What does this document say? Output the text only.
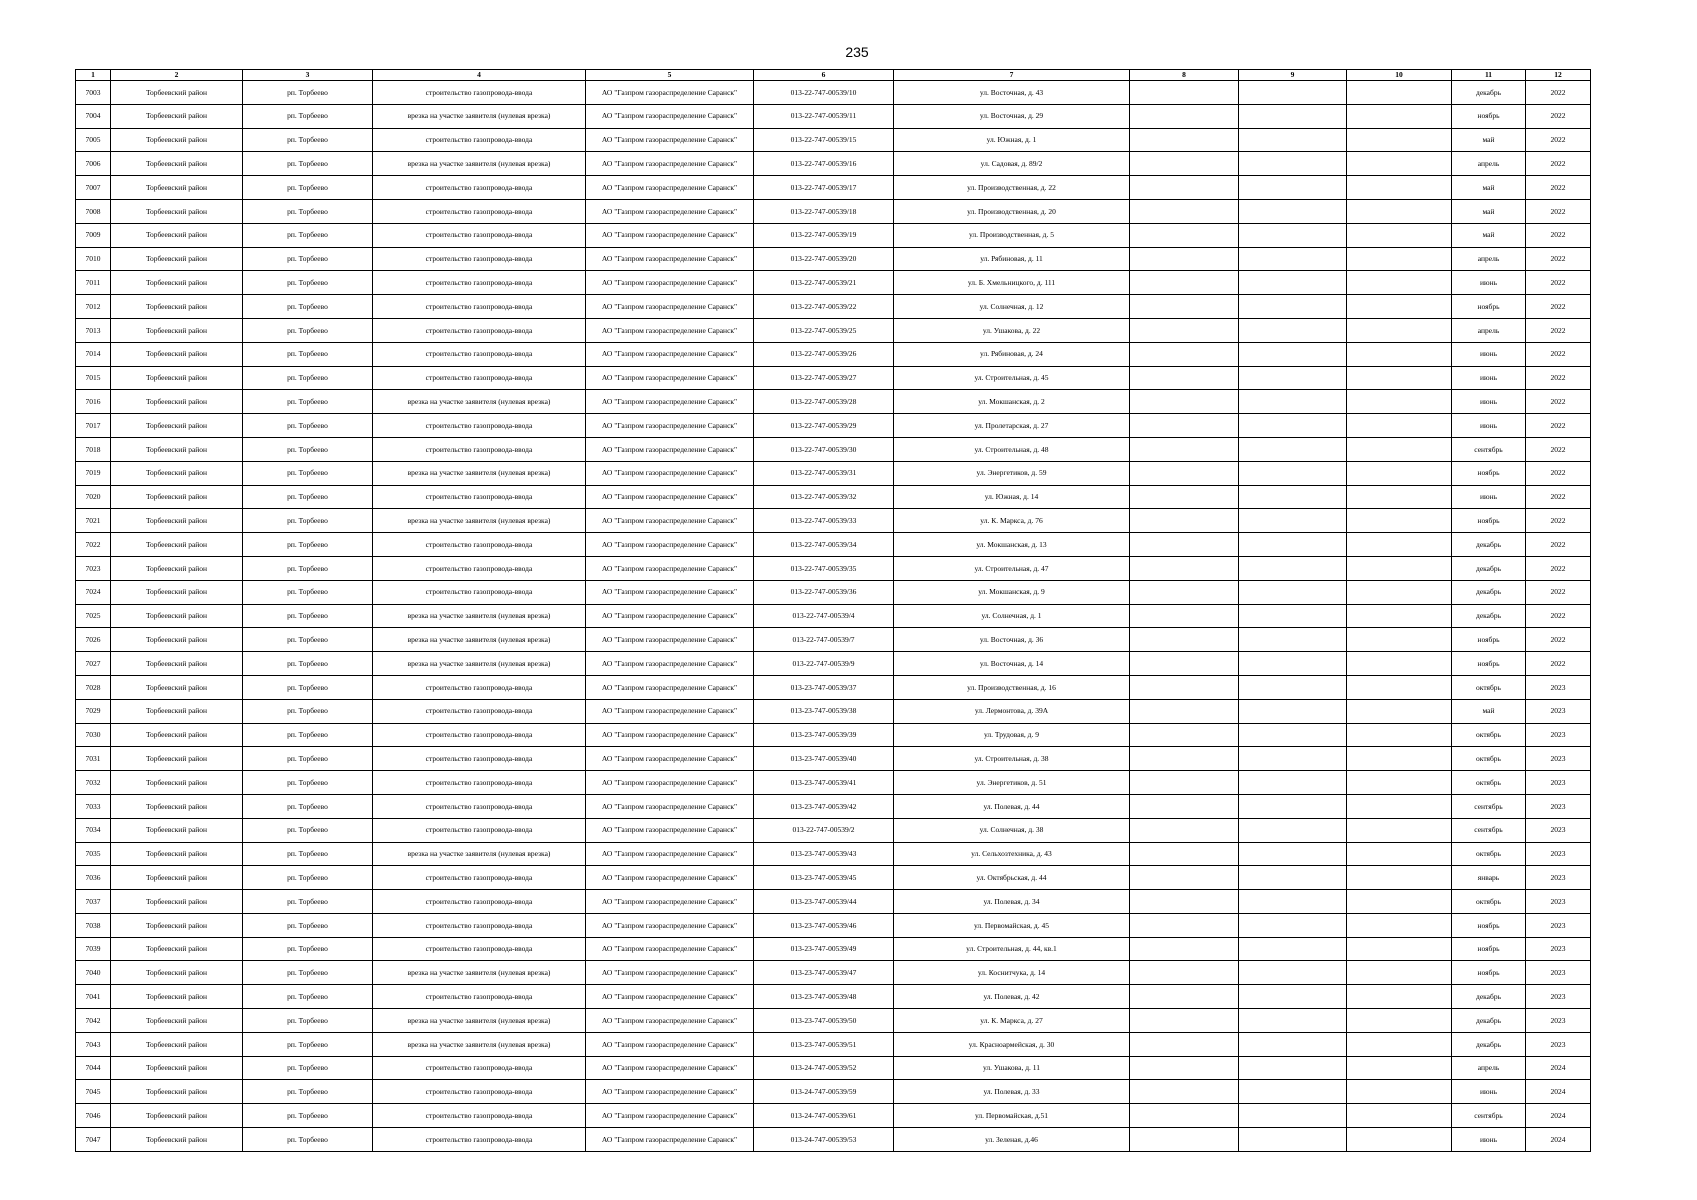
235
1	2	3	4	5	6	7	8	9	10	11	12
7003	Торбеевский район	рп. Торбеево	строительство газопровода-ввода	АО "Газпром газораспределение Саранск"	013-22-747-00539/10	ул. Восточная, д. 43				декабрь	2022
7004	Торбеевский район	рп. Торбеево	врезка на участке заявителя (нулевая врезка)	АО "Газпром газораспределение Саранск"	013-22-747-00539/11	ул. Восточная, д. 29				ноябрь	2022
7005	Торбеевский район	рп. Торбеево	строительство газопровода-ввода	АО "Газпром газораспределение Саранск"	013-22-747-00539/15	ул. Южная, д. 1				май	2022
7006	Торбеевский район	рп. Торбеево	врезка на участке заявителя (нулевая врезка)	АО "Газпром газораспределение Саранск"	013-22-747-00539/16	ул. Садовая, д. 89/2				апрель	2022
7007	Торбеевский район	рп. Торбеево	строительство газопровода-ввода	АО "Газпром газораспределение Саранск"	013-22-747-00539/17	ул. Производственная, д. 22				май	2022
7008	Торбеевский район	рп. Торбеево	строительство газопровода-ввода	АО "Газпром газораспределение Саранск"	013-22-747-00539/18	ул. Производственная, д. 20				май	2022
7009	Торбеевский район	рп. Торбеево	строительство газопровода-ввода	АО "Газпром газораспределение Саранск"	013-22-747-00539/19	ул. Производственная, д. 5				май	2022
7010	Торбеевский район	рп. Торбеево	строительство газопровода-ввода	АО "Газпром газораспределение Саранск"	013-22-747-00539/20	ул. Рябиновая, д. 11				апрель	2022
7011	Торбеевский район	рп. Торбеево	строительство газопровода-ввода	АО "Газпром газораспределение Саранск"	013-22-747-00539/21	ул. Б. Хмельницкого, д. 111				июнь	2022
7012	Торбеевский район	рп. Торбеево	строительство газопровода-ввода	АО "Газпром газораспределение Саранск"	013-22-747-00539/22	ул. Солнечная, д. 12				ноябрь	2022
7013	Торбеевский район	рп. Торбеево	строительство газопровода-ввода	АО "Газпром газораспределение Саранск"	013-22-747-00539/25	ул. Ушакова, д. 22				апрель	2022
7014	Торбеевский район	рп. Торбеево	строительство газопровода-ввода	АО "Газпром газораспределение Саранск"	013-22-747-00539/26	ул. Рябиновая, д. 24				июнь	2022
7015	Торбеевский район	рп. Торбеево	строительство газопровода-ввода	АО "Газпром газораспределение Саранск"	013-22-747-00539/27	ул. Строительная, д. 45				июнь	2022
7016	Торбеевский район	рп. Торбеево	врезка на участке заявителя (нулевая врезка)	АО "Газпром газораспределение Саранск"	013-22-747-00539/28	ул. Мокшанская, д. 2				июнь	2022
7017	Торбеевский район	рп. Торбеево	строительство газопровода-ввода	АО "Газпром газораспределение Саранск"	013-22-747-00539/29	ул. Пролетарская, д. 27				июнь	2022
7018	Торбеевский район	рп. Торбеево	строительство газопровода-ввода	АО "Газпром газораспределение Саранск"	013-22-747-00539/30	ул. Строительная, д. 48				сентябрь	2022
7019	Торбеевский район	рп. Торбеево	врезка на участке заявителя (нулевая врезка)	АО "Газпром газораспределение Саранск"	013-22-747-00539/31	ул. Энергетиков, д. 59				ноябрь	2022
7020	Торбеевский район	рп. Торбеево	строительство газопровода-ввода	АО "Газпром газораспределение Саранск"	013-22-747-00539/32	ул. Южная, д. 14				июнь	2022
7021	Торбеевский район	рп. Торбеево	врезка на участке заявителя (нулевая врезка)	АО "Газпром газораспределение Саранск"	013-22-747-00539/33	ул. К. Маркса, д. 76				ноябрь	2022
7022	Торбеевский район	рп. Торбеево	строительство газопровода-ввода	АО "Газпром газораспределение Саранск"	013-22-747-00539/34	ул. Мокшанская, д. 13				декабрь	2022
7023	Торбеевский район	рп. Торбеево	строительство газопровода-ввода	АО "Газпром газораспределение Саранск"	013-22-747-00539/35	ул. Строительная, д. 47				декабрь	2022
7024	Торбеевский район	рп. Торбеево	строительство газопровода-ввода	АО "Газпром газораспределение Саранск"	013-22-747-00539/36	ул. Мокшанская, д. 9				декабрь	2022
7025	Торбеевский район	рп. Торбеево	врезка на участке заявителя (нулевая врезка)	АО "Газпром газораспределение Саранск"	013-22-747-00539/4	ул. Солнечная, д. 1				декабрь	2022
7026	Торбеевский район	рп. Торбеево	врезка на участке заявителя (нулевая врезка)	АО "Газпром газораспределение Саранск"	013-22-747-00539/7	ул. Восточная, д. 36				ноябрь	2022
7027	Торбеевский район	рп. Торбеево	врезка на участке заявителя (нулевая врезка)	АО "Газпром газораспределение Саранск"	013-22-747-00539/9	ул. Восточная, д. 14				ноябрь	2022
7028	Торбеевский район	рп. Торбеево	строительство газопровода-ввода	АО "Газпром газораспределение Саранск"	013-23-747-00539/37	ул. Производственная, д. 16				октябрь	2023
7029	Торбеевский район	рп. Торбеево	строительство газопровода-ввода	АО "Газпром газораспределение Саранск"	013-23-747-00539/38	ул. Лермонтова, д. 39А				май	2023
7030	Торбеевский район	рп. Торбеево	строительство газопровода-ввода	АО "Газпром газораспределение Саранск"	013-23-747-00539/39	ул. Трудовая, д. 9				октябрь	2023
7031	Торбеевский район	рп. Торбеево	строительство газопровода-ввода	АО "Газпром газораспределение Саранск"	013-23-747-00539/40	ул. Строительная, д. 38				октябрь	2023
7032	Торбеевский район	рп. Торбеево	строительство газопровода-ввода	АО "Газпром газораспределение Саранск"	013-23-747-00539/41	ул. Энергетиков, д. 51				октябрь	2023
7033	Торбеевский район	рп. Торбеево	строительство газопровода-ввода	АО "Газпром газораспределение Саранск"	013-23-747-00539/42	ул. Полевая, д. 44				сентябрь	2023
7034	Торбеевский район	рп. Торбеево	строительство газопровода-ввода	АО "Газпром газораспределение Саранск"	013-22-747-00539/2	ул. Солнечная, д. 38				сентябрь	2023
7035	Торбеевский район	рп. Торбеево	врезка на участке заявителя (нулевая врезка)	АО "Газпром газораспределение Саранск"	013-23-747-00539/43	ул. Сельхозтехника, д. 43				октябрь	2023
7036	Торбеевский район	рп. Торбеево	строительство газопровода-ввода	АО "Газпром газораспределение Саранск"	013-23-747-00539/45	ул. Октябрьская, д. 44				январь	2023
7037	Торбеевский район	рп. Торбеево	строительство газопровода-ввода	АО "Газпром газораспределение Саранск"	013-23-747-00539/44	ул. Полевая, д. 34				октябрь	2023
7038	Торбеевский район	рп. Торбеево	строительство газопровода-ввода	АО "Газпром газораспределение Саранск"	013-23-747-00539/46	ул. Первомайская, д. 45				ноябрь	2023
7039	Торбеевский район	рп. Торбеево	строительство газопровода-ввода	АО "Газпром газораспределение Саранск"	013-23-747-00539/49	ул. Строительная, д. 44, кв.1				ноябрь	2023
7040	Торбеевский район	рп. Торбеево	врезка на участке заявителя (нулевая врезка)	АО "Газпром газораспределение Саранск"	013-23-747-00539/47	ул. Коснитчука, д. 14				ноябрь	2023
7041	Торбеевский район	рп. Торбеево	строительство газопровода-ввода	АО "Газпром газораспределение Саранск"	013-23-747-00539/48	ул. Полевая, д. 42				декабрь	2023
7042	Торбеевский район	рп. Торбеево	врезка на участке заявителя (нулевая врезка)	АО "Газпром газораспределение Саранск"	013-23-747-00539/50	ул. К. Маркса, д. 27				декабрь	2023
7043	Торбеевский район	рп. Торбеево	врезка на участке заявителя (нулевая врезка)	АО "Газпром газораспределение Саранск"	013-23-747-00539/51	ул. Красноармейская, д. 30				декабрь	2023
7044	Торбеевский район	рп. Торбеево	строительство газопровода-ввода	АО "Газпром газораспределение Саранск"	013-24-747-00539/52	ул. Ушакова, д. 11				апрель	2024
7045	Торбеевский район	рп. Торбеево	строительство газопровода-ввода	АО "Газпром газораспределение Саранск"	013-24-747-00539/59	ул. Полевая, д. 33				июнь	2024
7046	Торбеевский район	рп. Торбеево	строительство газопровода-ввода	АО "Газпром газораспределение Саранск"	013-24-747-00539/61	ул. Первомайская, д.51				сентябрь	2024
7047	Торбеевский район	рп. Торбеево	строительство газопровода-ввода	АО "Газпром газораспределение Саранск"	013-24-747-00539/53	ул. Зеленая, д.46				июнь	2024
